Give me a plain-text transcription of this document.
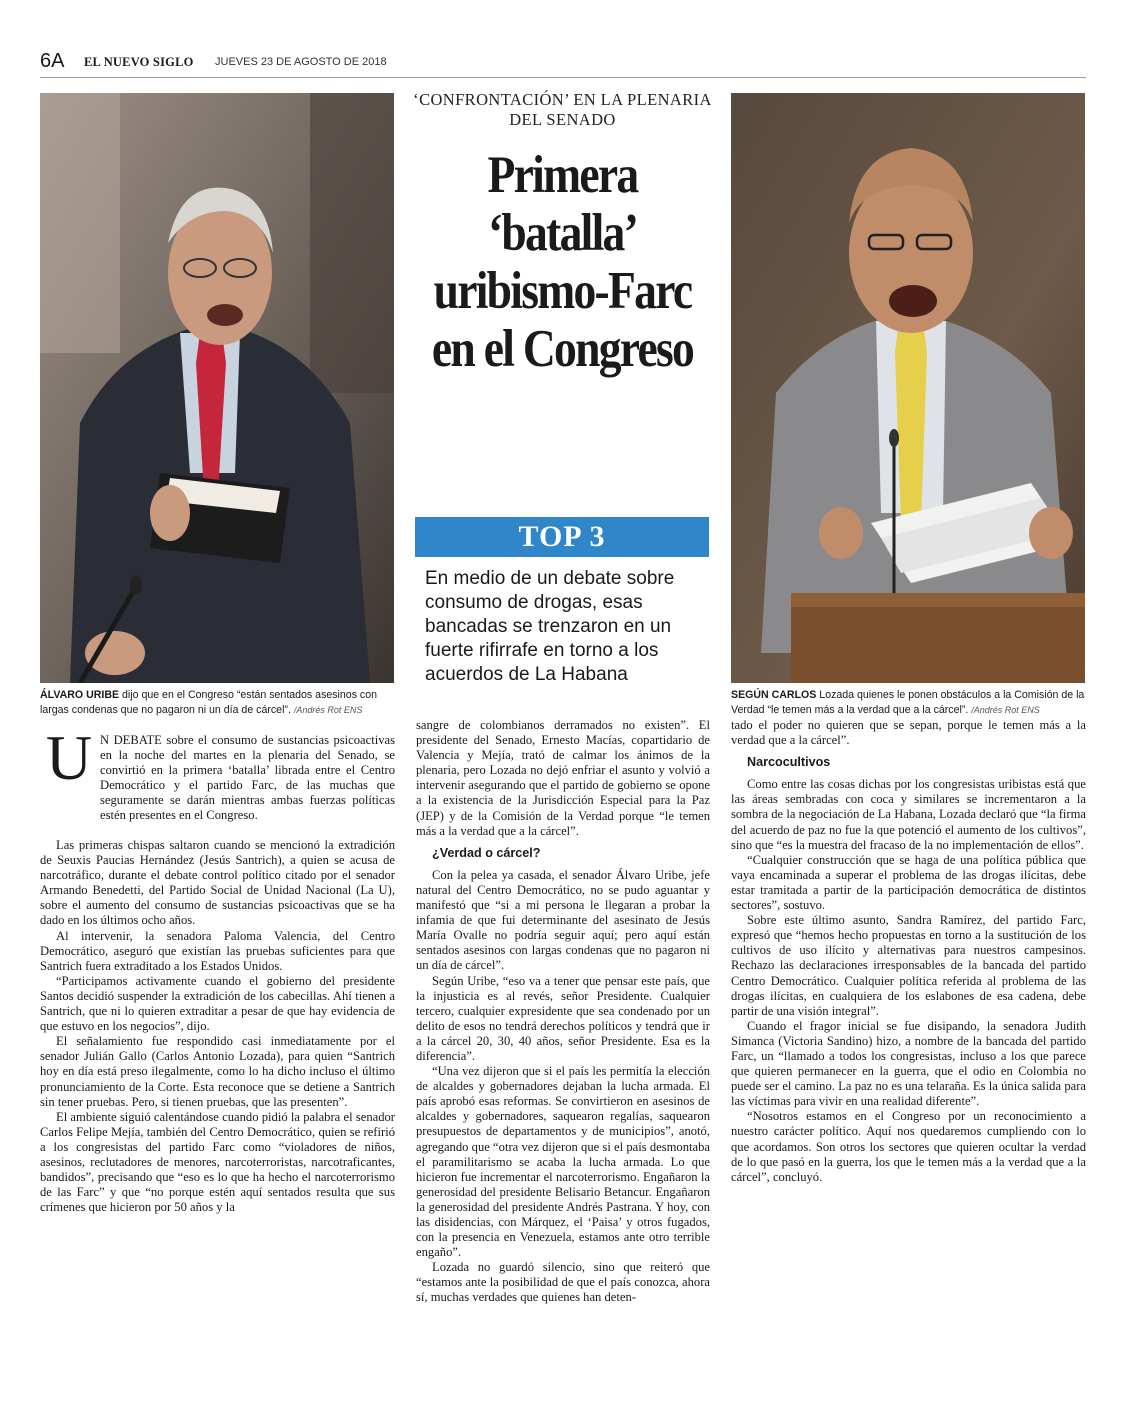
6A EL NUEVO SIGLO JUEVES 23 DE AGOSTO DE 2018
ÁLVARO URIBE dijo que en el Congreso “están sentados asesinos con largas condenas que no pagaron ni un día de cárcel”. /Andrés Rot ENS
SEGÚN CARLOS Lozada quienes le ponen obstáculos a la Comisión de la Verdad “le temen más a la verdad que a la cárcel”. /Andrés Rot ENS
‘CONFRONTACIÓN’ EN LA PLENARIA DEL SENADO
Primera ‘batalla’ uribismo-Farc en el Congreso
TOP 3
En medio de un debate sobre consumo de drogas, esas bancadas se trenzaron en un fuerte rifirrafe en torno a los acuerdos de La Habana
U N DEBATE sobre el consumo de sustancias psicoactivas en la noche del martes en la plenaria del Senado, se convirtió en la primera ‘batalla’ librada entre el Centro Democrático y el partido Farc, de las muchas que seguramente se darán mientras ambas fuerzas políticas estén presentes en el Congreso.

Las primeras chispas saltaron cuando se mencionó la extradición de Seuxis Paucias Hernández (Jesús Santrich), a quien se acusa de narcotráfico, durante el debate control político citado por el senador Armando Benedetti, del Partido Social de Unidad Nacional (La U), sobre el aumento del consumo de sustancias psicoactivas que se ha dado en los últimos ocho años.

Al intervenir, la senadora Paloma Valencia, del Centro Democrático, aseguró que existían las pruebas suficientes para que Santrich fuera extraditado a los Estados Unidos.

“Participamos activamente cuando el gobierno del presidente Santos decidió suspender la extradición de los cabecillas. Ahí tienen a Santrich, que ni lo quieren extraditar a pesar de que hay evidencia de que estuvo en los negocios”, dijo.

El señalamiento fue respondido casi inmediatamente por el senador Julián Gallo (Carlos Antonio Lozada), para quien “Santrich hoy en día está preso ilegalmente, como lo ha dicho incluso el último pronunciamiento de la Corte. Esta reconoce que se detiene a Santrich sin tener pruebas. Pero, si tienen pruebas, que las presenten”.

El ambiente siguió calentándose cuando pidió la palabra el senador Carlos Felipe Mejía, también del Centro Democrático, quien se refirió a los congresistas del partido Farc como “violadores de niños, asesinos, reclutadores de menores, narcoterroristas, narcotraficantes, bandidos”, precisando que “eso es lo que ha hecho el narcoterrorismo de las Farc” y que “no porque estén aquí sentados resulta que sus crímenes que hicieron por 50 años y la

sangre de colombianos derramados no existen”. El presidente del Senado, Ernesto Macías, copartidario de Valencia y Mejía, trató de calmar los ánimos de la plenaria, pero Lozada no dejó enfriar el asunto y volvió a intervenir asegurando que el partido de gobierno se opone a la existencia de la Jurisdicción Especial para la Paz (JEP) y de la Comisión de la Verdad porque “le temen más a la verdad que a la cárcel”.

¿Verdad o cárcel?

Con la pelea ya casada, el senador Álvaro Uribe, jefe natural del Centro Democrático, no se pudo aguantar y manifestó que “si a mi persona le llegaran a probar la infamia de que fui determinante del asesinato de Jesús María Ovalle no podría seguir aquí; pero aquí están sentados asesinos con largas condenas que no pagaron ni un día de cárcel”.

Según Uribe, “eso va a tener que pensar este país, que la injusticia es al revés, señor Presidente. Cualquier tercero, cualquier expresidente que sea condenado por un delito de esos no tendrá derechos políticos y tendrá que ir a la cárcel 20, 30, 40 años, señor Presidente. Esa es la diferencia”.

“Una vez dijeron que si el país les permitía la elección de alcaldes y gobernadores dejaban la lucha armada. El país aprobó esas reformas. Se convirtieron en asesinos de alcaldes y gobernadores, saquearon regalías, saquearon presupuestos de departamentos y de municipios”, anotó, agregando que “otra vez dijeron que si el país desmontaba el paramilitarismo se acaba la lucha armada. Lo que hicieron fue incrementar el narcoterrorismo. Engañaron la generosidad del presidente Belisario Betancur. Engañaron la generosidad del presidente Andrés Pastrana. Y hoy, con las disidencias, con Márquez, el ‘Paisa’ y otros fugados, con la presencia en Venezuela, estamos ante otro terrible engaño”.

Lozada no guardó silencio, sino que reiteró que “estamos ante la posibilidad de que el país conozca, ahora sí, muchas verdades que quienes han deten-

tado el poder no quieren que se sepan, porque le temen más a la verdad que a la cárcel”.

Narcocultivos

Como entre las cosas dichas por los congresistas uribistas está que las áreas sembradas con coca y similares se incrementaron a la sombra de la negociación de La Habana, Lozada declaró que “la firma del acuerdo de paz no fue la que potenció el aumento de los cultivos”, sino que “es la muestra del fracaso de la no implementación de ellos”.

“Cualquier construcción que se haga de una política pública que vaya encaminada a superar el problema de las drogas ilícitas, debe estar tramitada a partir de la participación democrática de distintos sectores”, sostuvo.

Sobre este último asunto, Sandra Ramírez, del partido Farc, expresó que “hemos hecho propuestas en torno a la sustitución de los cultivos de uso ilícito y alternativas para nuestros campesinos. Rechazo las declaraciones irresponsables de la bancada del partido Centro Democrático. Cualquier política referida al problema de las drogas ilícitas, en cualquiera de los eslabones de esa cadena, debe partir de una visión integral”.

Cuando el fragor inicial se fue disipando, la senadora Judith Simanca (Victoria Sandino) hizo, a nombre de la bancada del partido Farc, un “llamado a todos los congresistas, incluso a los que parece que quieren permanecer en la guerra, que el odio en Colombia no puede ser el camino. La paz no es una telaraña. Es la única salida para las víctimas para vivir en una realidad diferente”.

“Nosotros estamos en el Congreso por un reconocimiento a nuestro carácter político. Aquí nos quedaremos cumpliendo con lo que acordamos. Son otros los sectores que quieren ocultar la verdad de lo que pasó en la guerra, los que le temen más a la verdad que a la cárcel”, concluyó.
